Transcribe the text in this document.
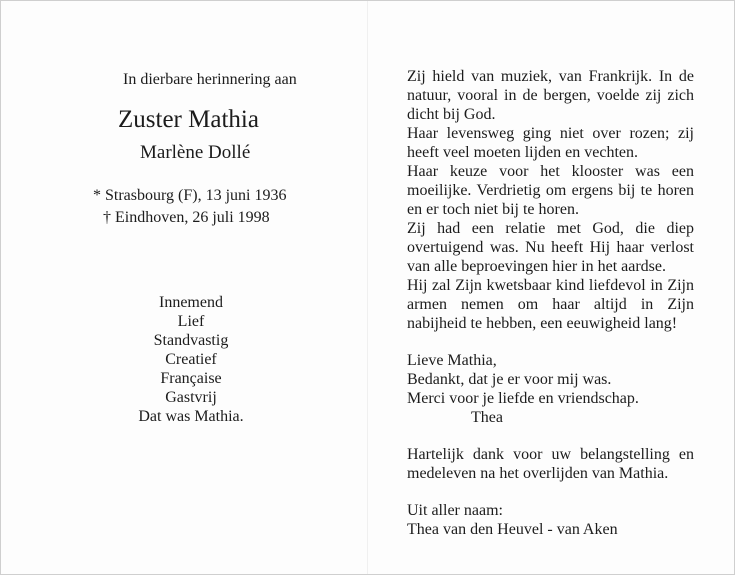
In dierbare herinnering aan
Zuster Mathia
Marlène Dollé
* Strasbourg (F), 13 juni 1936
† Eindhoven, 26 juli 1998
Innemend
Lief
Standvastig
Creatief
Française
Gastvrij
Dat was Mathia.
Zij hield van muziek, van Frankrijk. In de natuur, vooral in de bergen, voelde zij zich dicht bij God.
Haar levensweg ging niet over rozen; zij heeft veel moeten lijden en vechten.
Haar keuze voor het klooster was een moeilijke. Verdrietig om ergens bij te horen en er toch niet bij te horen.
Zij had een relatie met God, die diep overtuigend was. Nu heeft Hij haar verlost van alle beproevingen hier in het aardse.
Hij zal Zijn kwetsbaar kind liefdevol in Zijn armen nemen om haar altijd in Zijn nabijheid te hebben, een eeuwigheid lang!
Lieve Mathia,
Bedankt, dat je er voor mij was.
Merci voor je liefde en vriendschap.
Thea
Hartelijk dank voor uw belangstelling en medeleven na het overlijden van Mathia.
Uit aller naam:
Thea van den Heuvel - van Aken
